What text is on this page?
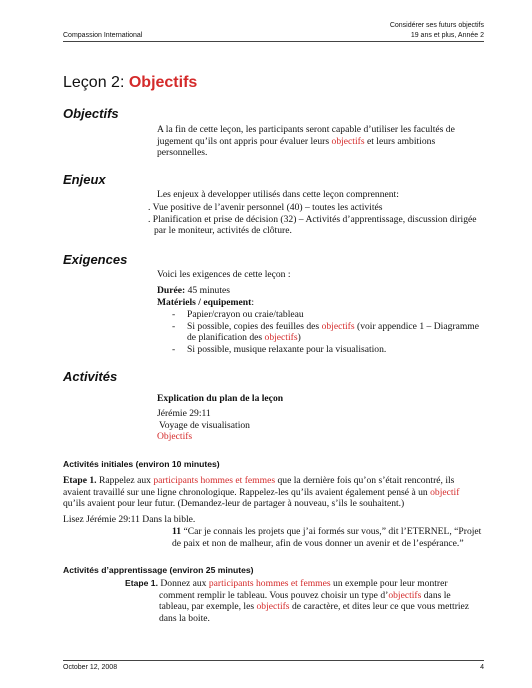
Compassion International
Considérer ses futurs objectifs
19 ans et plus, Année 2
Leçon 2: Objectifs
Objectifs
A la fin de cette leçon, les participants seront capable d’utiliser les facultés de jugement qu’ils ont appris pour évaluer leurs objectifs et leurs ambitions personnelles.
Enjeux
Les enjeux à developper utilisés dans cette leçon comprennent:
. Vue positive de l’avenir personnel (40) – toutes les activités
. Planification et prise de décision (32) – Activités d’apprentissage, discussion dirigée par le moniteur, activités de clôture.
Exigences
Voici les exigences de cette leçon :
Durée: 45 minutes
Matériels / equipement:
- Papier/crayon ou craie/tableau
- Si possible, copies des feuilles des objectifs (voir appendice 1 – Diagramme de planification des objectifs)
- Si possible, musique relaxante pour la visualisation.
Activités
Explication du plan de la leçon
Jérémie 29:11
Voyage de visualisation
Objectifs
Activités initiales (environ 10 minutes)
Etape 1. Rappelez aux participants hommes et femmes que la dernière fois qu’on s’était rencontré, ils avaient travaillé sur une ligne chronologique. Rappelez-les qu’ils avaient également pensé à un objectif qu’ils avaient pour leur futur. (Demandez-leur de partager à nouveau, s’ils le souhaitent.)
Lisez Jérémie 29:11 Dans la bible.
11 “Car je connais les projets que j’ai formés sur vous,” dit l’ETERNEL, “Projet de paix et non de malheur, afin de vous donner un avenir et de l’espérance.”
Activités d’apprentissage (environ 25 minutes)
Etape 1. Donnez aux participants hommes et femmes un exemple pour leur montrer comment remplir le tableau. Vous pouvez choisir un type d’objectifs dans le tableau, par exemple, les objectifs de caractère, et dites leur ce que vous mettriez dans la boite.
October 12, 2008	4
